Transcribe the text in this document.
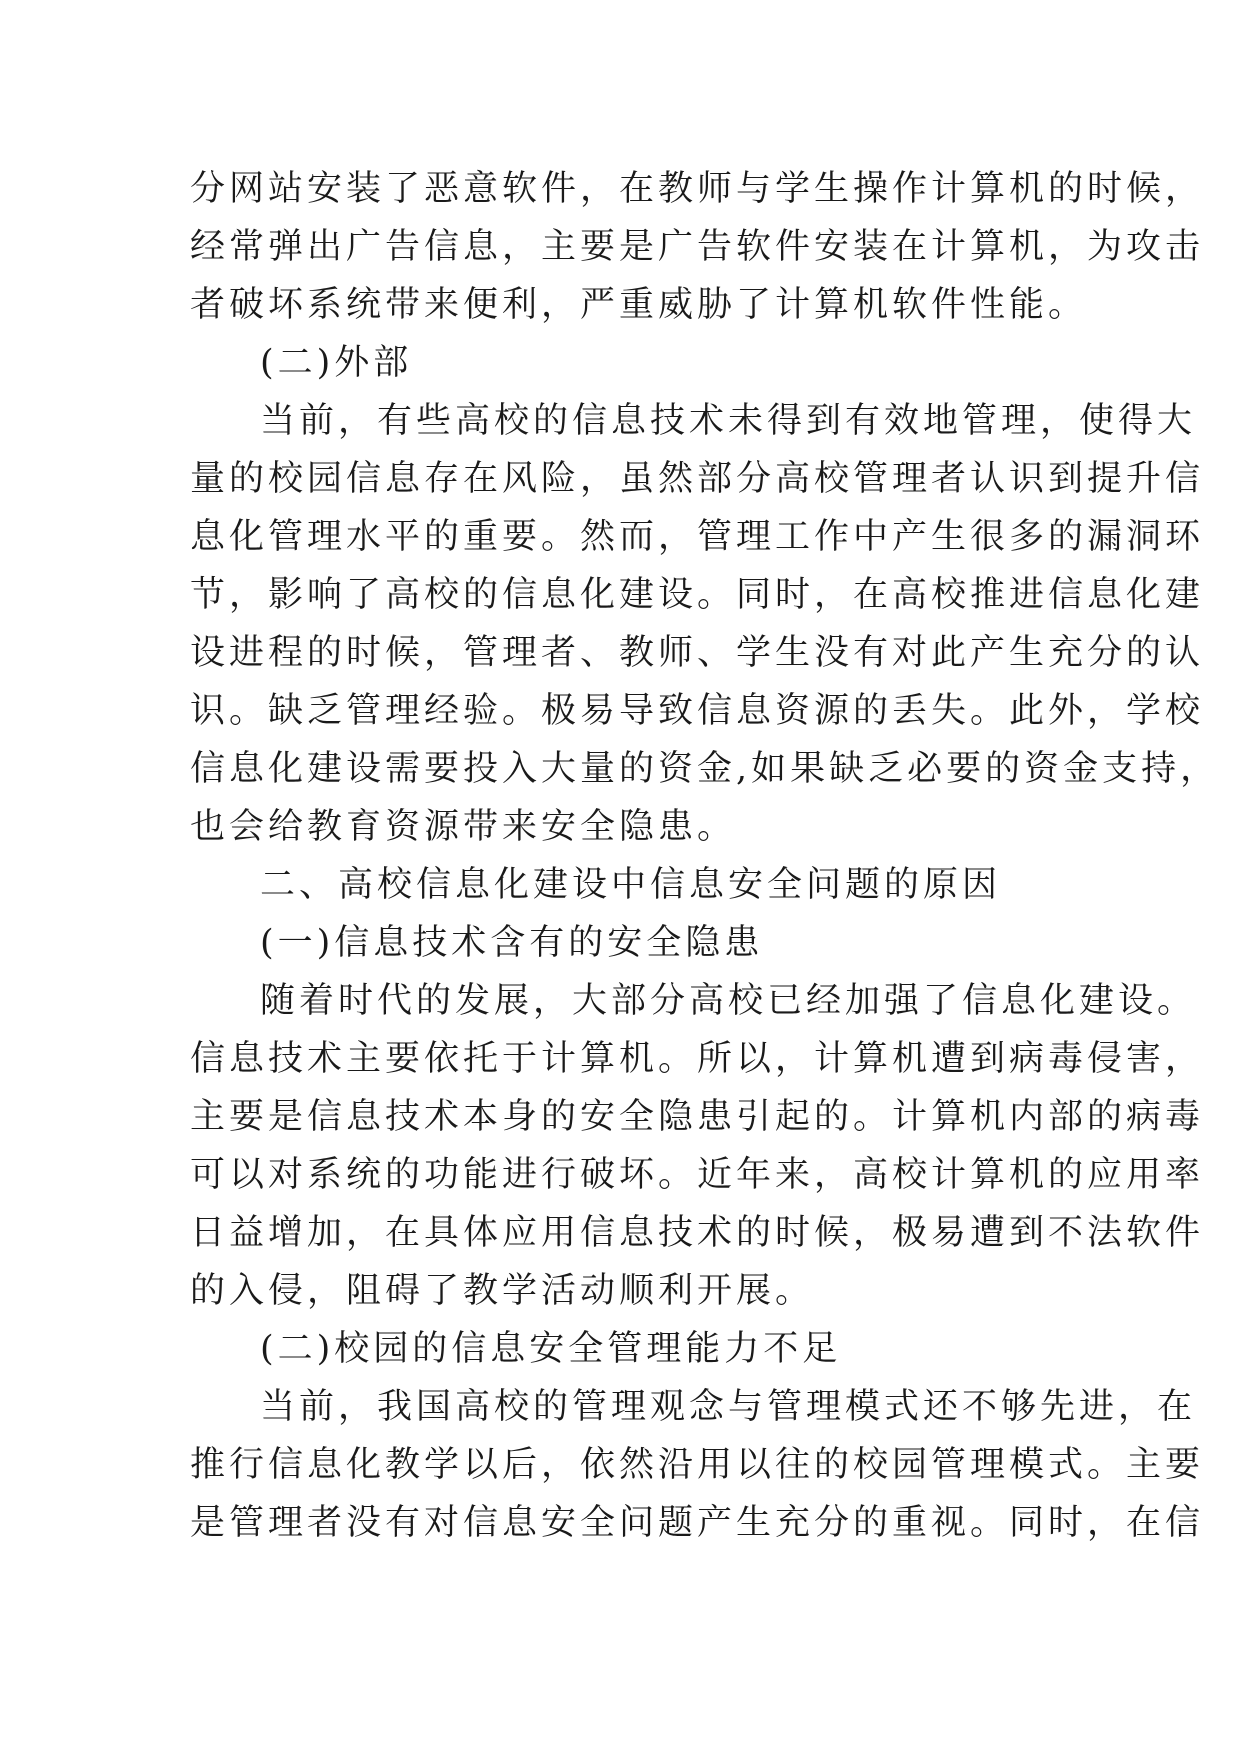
分网站安装了恶意软件，在教师与学生操作计算机的时候，
经常弹出广告信息，主要是广告软件安装在计算机，为攻击
者破坏系统带来便利，严重威胁了计算机软件性能。
(二)外部
当前，有些高校的信息技术未得到有效地管理，使得大
量的校园信息存在风险，虽然部分高校管理者认识到提升信
息化管理水平的重要。然而，管理工作中产生很多的漏洞环
节，影响了高校的信息化建设。同时，在高校推进信息化建
设进程的时候，管理者、教师、学生没有对此产生充分的认
识。缺乏管理经验。极易导致信息资源的丢失。此外，学校
信息化建设需要投入大量的资金,如果缺乏必要的资金支持，
也会给教育资源带来安全隐患。
二、高校信息化建设中信息安全问题的原因
(一)信息技术含有的安全隐患
随着时代的发展，大部分高校已经加强了信息化建设。
信息技术主要依托于计算机。所以，计算机遭到病毒侵害，
主要是信息技术本身的安全隐患引起的。计算机内部的病毒
可以对系统的功能进行破坏。近年来，高校计算机的应用率
日益增加，在具体应用信息技术的时候，极易遭到不法软件
的入侵，阻碍了教学活动顺利开展。
(二)校园的信息安全管理能力不足
当前，我国高校的管理观念与管理模式还不够先进，在
推行信息化教学以后，依然沿用以往的校园管理模式。主要
是管理者没有对信息安全问题产生充分的重视。同时，在信
